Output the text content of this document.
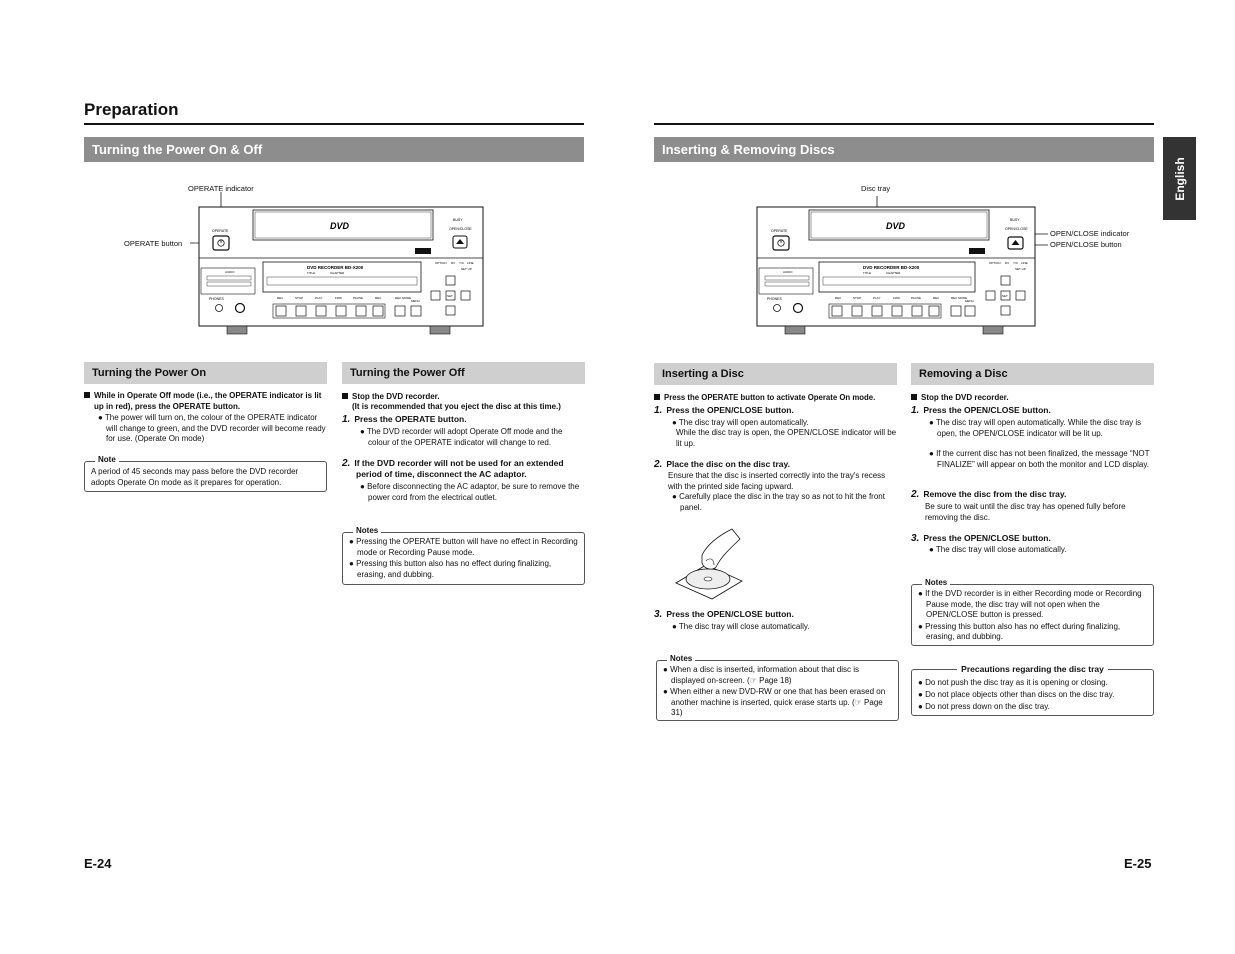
Preparation
English
Turning the Power On & Off
OPERATE indicator
OPERATE button
DVD
OPERATE
BUSY
OPEN/CLOSE
AUDIO
PHONES
DVD RECORDER BD-X200
TITLE	CHAPTER
OPTION DV Y/C LINE
SET UP
SET
REV	STOP	PLAY	FWD	PAUSE	REC	REC MODE
MENU
Turning the Power On
While in Operate Off mode (i.e., the OPERATE indicator is lit up in red), press the OPERATE button.
● The power will turn on, the colour of the OPERATE indicator will change to green, and the DVD recorder will become ready for use. (Operate On mode)
Note
A period of 45 seconds may pass before the DVD recorder adopts Operate On mode as it prepares for operation.
Turning the Power Off
Stop the DVD recorder.
(It is recommended that you eject the disc at this time.)
1. Press the OPERATE button.
● The DVD recorder will adopt Operate Off mode and the colour of the OPERATE indicator will change to red.
2. If the DVD recorder will not be used for an extended period of time, disconnect the AC adaptor.
● Before disconnecting the AC adaptor, be sure to remove the power cord from the electrical outlet.
Notes
● Pressing the OPERATE button will have no effect in Recording mode or Recording Pause mode.
● Pressing this button also has no effect during finalizing, erasing, and dubbing.
E-24
Inserting & Removing Discs
Disc tray
OPEN/CLOSE indicator
OPEN/CLOSE button
DVD
OPERATE
BUSY
OPEN/CLOSE
AUDIO
PHONES
DVD RECORDER BD-X200
TITLE	CHAPTER
OPTION DV Y/C LINE
SET UP
SET
REV	STOP	PLAY	FWD	PAUSE	REC	REC MODE
MENU
Inserting a Disc
Press the OPERATE button to activate Operate On mode.
1. Press the OPEN/CLOSE button.
● The disc tray will open automatically.
While the disc tray is open, the OPEN/CLOSE indicator will be lit up.
2. Place the disc on the disc tray.
Ensure that the disc is inserted correctly into the tray's recess with the printed side facing upward.
● Carefully place the disc in the tray so as not to hit the front panel.
3. Press the OPEN/CLOSE button.
● The disc tray will close automatically.
Notes
● When a disc is inserted, information about that disc is displayed on-screen. (☞ Page 18)
● When either a new DVD-RW or one that has been erased on another machine is inserted, quick erase starts up. (☞ Page 31)
Removing a Disc
Stop the DVD recorder.
1. Press the OPEN/CLOSE button.
● The disc tray will open automatically. While the disc tray is open, the OPEN/CLOSE indicator will be lit up.
● If the current disc has not been finalized, the message “NOT FINALIZE” will appear on both the monitor and LCD display.
2. Remove the disc from the disc tray.
Be sure to wait until the disc tray has opened fully before removing the disc.
3. Press the OPEN/CLOSE button.
● The disc tray will close automatically.
Notes
● If the DVD recorder is in either Recording mode or Recording Pause mode, the disc tray will not open when the OPEN/CLOSE button is pressed.
● Pressing this button also has no effect during finalizing, erasing, and dubbing.
Precautions regarding the disc tray
● Do not push the disc tray as it is opening or closing.
● Do not place objects other than discs on the disc tray.
● Do not press down on the disc tray.
E-25
